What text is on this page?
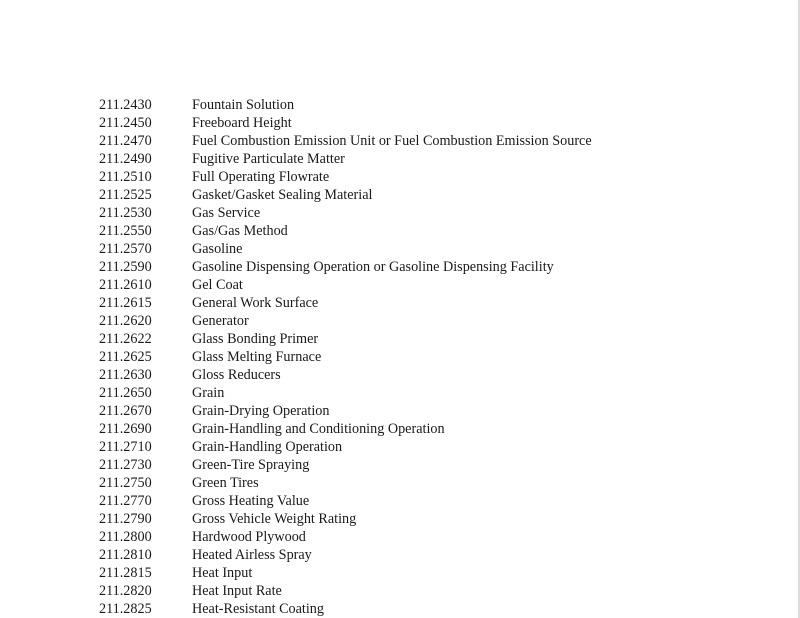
211.2430	Fountain Solution
211.2450	Freeboard Height
211.2470	Fuel Combustion Emission Unit or Fuel Combustion Emission Source
211.2490	Fugitive Particulate Matter
211.2510	Full Operating Flowrate
211.2525	Gasket/Gasket Sealing Material
211.2530	Gas Service
211.2550	Gas/Gas Method
211.2570	Gasoline
211.2590	Gasoline Dispensing Operation or Gasoline Dispensing Facility
211.2610	Gel Coat
211.2615	General Work Surface
211.2620	Generator
211.2622	Glass Bonding Primer
211.2625	Glass Melting Furnace
211.2630	Gloss Reducers
211.2650	Grain
211.2670	Grain-Drying Operation
211.2690	Grain-Handling and Conditioning Operation
211.2710	Grain-Handling Operation
211.2730	Green-Tire Spraying
211.2750	Green Tires
211.2770	Gross Heating Value
211.2790	Gross Vehicle Weight Rating
211.2800	Hardwood Plywood
211.2810	Heated Airless Spray
211.2815	Heat Input
211.2820	Heat Input Rate
211.2825	Heat-Resistant Coating
